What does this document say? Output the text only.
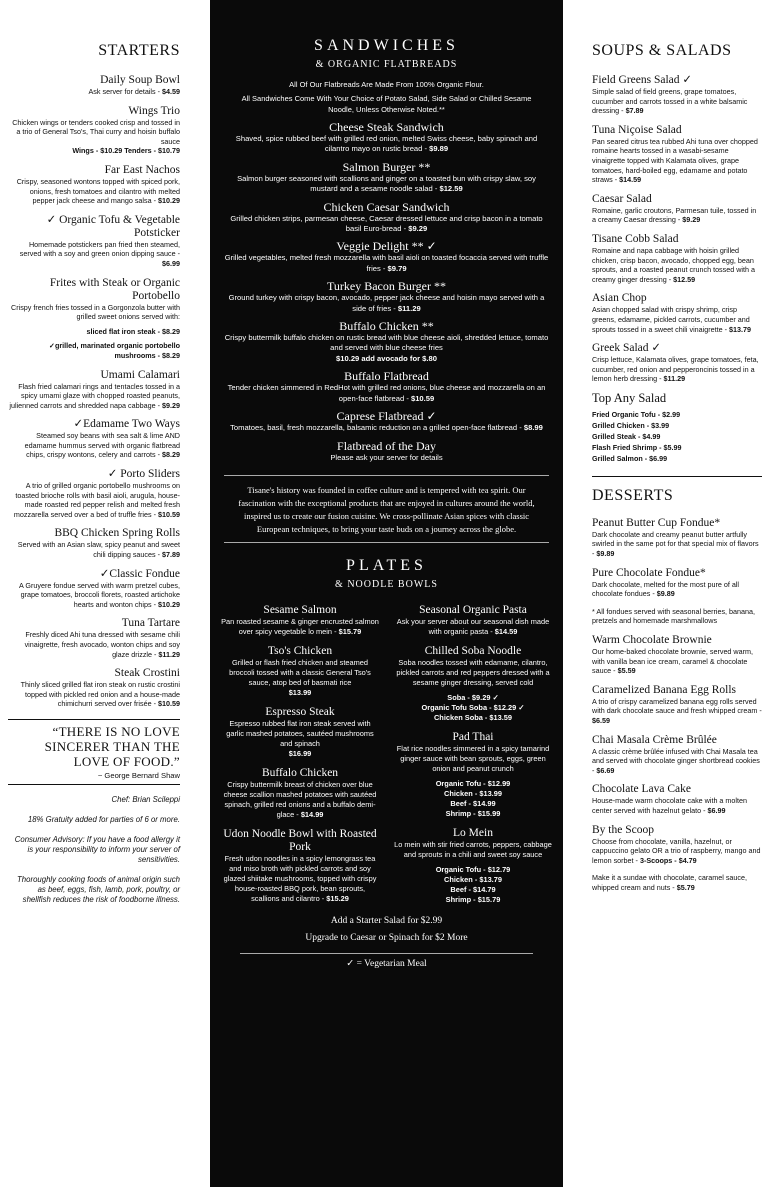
STARTERS
Daily Soup Bowl
Ask server for details - $4.59
Wings Trio
Chicken wings or tenders cooked crisp and tossed in a trio of General Tso's, Thai curry and hoisin buffalo sauce
Wings - $10.29 Tenders - $10.79
Far East Nachos
Crispy, seasoned wontons topped with spiced pork, onions, fresh tomatoes and cilantro with melted pepper jack cheese and mango salsa - $10.29
✓ Organic Tofu & Vegetable Potsticker
Homemade potstickers pan fried then steamed, served with a soy and green onion dipping sauce - $6.99
Frites with Steak or Organic Portobello
Crispy french fries tossed in a Gorgonzola butter with grilled sweet onions served with:
sliced flat iron steak - $8.29
✓grilled, marinated organic portobello mushrooms - $8.29
Umami Calamari
Flash fried calamari rings and tentacles tossed in a spicy umami glaze with chopped roasted peanuts, julienned carrots and shredded napa cabbage - $9.29
✓Edamame Two Ways
Steamed soy beans with sea salt & lime AND edamame hummus served with organic flatbread chips, crispy wontons, celery and carrots - $8.29
✓ Porto Sliders
A trio of grilled organic portobello mushrooms on toasted brioche rolls with basil aioli, arugula, house-made roasted red pepper relish and melted fresh mozzarella served over a bed of truffle fries - $10.59
BBQ Chicken Spring Rolls
Served with an Asian slaw, spicy peanut and sweet chili dipping sauces - $7.89
✓Classic Fondue
A Gruyere fondue served with warm pretzel cubes, grape tomatoes, broccoli florets, roasted artichoke hearts and wonton chips - $10.29
Tuna Tartare
Freshly diced Ahi tuna dressed with sesame chili vinaigrette, fresh avocado, wonton chips and soy glaze drizzle - $11.29
Steak Crostini
Thinly sliced grilled flat iron steak on rustic crostini topped with pickled red onion and a house-made chimichurri served over frisée - $10.59
“THERE IS NO LOVE SINCERER THAN THE LOVE OF FOOD.”
~ George Bernard Shaw
Chef: Brian Scileppi
18% Gratuity added for parties of 6 or more.
Consumer Advisory: If you have a food allergy it is your responsibility to inform your server of sensitivities.
Thoroughly cooking foods of animal origin such as beef, eggs, fish, lamb, pork, poultry, or shellfish reduces the risk of foodborne illness.
SANDWICHES
& ORGANIC FLATBREADS
All Of Our Flatbreads Are Made From 100% Organic Flour.
All Sandwiches Come With Your Choice of Potato Salad, Side Salad or Chilled Sesame Noodle, Unless Otherwise Noted.**
Cheese Steak Sandwich
Shaved, spice rubbed beef with grilled red onion, melted Swiss cheese, baby spinach and cilantro mayo on rustic bread - $9.89
Salmon Burger **
Salmon burger seasoned with scallions and ginger on a toasted bun with crispy slaw, soy mustard and a sesame noodle salad - $12.59
Chicken Caesar Sandwich
Grilled chicken strips, parmesan cheese, Caesar dressed lettuce and crisp bacon in a tomato basil Euro-bread - $9.29
Veggie Delight ** ✓
Grilled vegetables, melted fresh mozzarella with basil aioli on toasted focaccia served with truffle fries - $9.79
Turkey Bacon Burger **
Ground turkey with crispy bacon, avocado, pepper jack cheese and hoisin mayo served with a side of fries - $11.29
Buffalo Chicken **
Crispy buttermilk buffalo chicken on rustic bread with blue cheese aioli, shredded lettuce, tomato and served with blue cheese fries
$10.29 add avocado for $.80
Buffalo Flatbread
Tender chicken simmered in RedHot with grilled red onions, blue cheese and mozzarella on an open-face flatbread - $10.59
Caprese Flatbread ✓
Tomatoes, basil, fresh mozzarella, balsamic reduction on a grilled open-face flatbread - $8.99
Flatbread of the Day
Please ask your server for details
Tisane's history was founded in coffee culture and is tempered with tea spirit. Our fascination with the exceptional products that are enjoyed in cultures around the world, inspired us to create our fusion cuisine. We cross-pollinate Asian spices with classic European techniques, to bring your taste buds on a journey across the globe.
PLATES
& NOODLE BOWLS
Sesame Salmon
Pan roasted sesame & ginger encrusted salmon over spicy vegetable lo mein - $15.79
Tso's Chicken
Grilled or flash fried chicken and steamed broccoli tossed with a classic General Tso's sauce, atop bed of basmati rice
$13.99
Espresso Steak
Espresso rubbed flat iron steak served with garlic mashed potatoes, sautéed mushrooms and spinach
$16.99
Buffalo Chicken
Crispy buttermilk breast of chicken over blue cheese scallion mashed potatoes with sautéed spinach, grilled red onions and a buffalo demi-glace - $14.99
Udon Noodle Bowl with Roasted Pork
Fresh udon noodles in a spicy lemongrass tea and miso broth with pickled carrots and soy glazed shiitake mushrooms, topped with crispy house-roasted BBQ pork, bean sprouts, scallions and cilantro - $15.29
Seasonal Organic Pasta
Ask your server about our seasonal dish made with organic pasta - $14.59
Chilled Soba Noodle
Soba noodles tossed with edamame, cilantro, pickled carrots and red peppers dressed with a sesame ginger dressing, served cold
Soba - $9.29 ✓
Organic Tofu Soba - $12.29 ✓
Chicken Soba - $13.59
Pad Thai
Flat rice noodles simmered in a spicy tamarind ginger sauce with bean sprouts, eggs, green onion and peanut crunch
Organic Tofu - $12.99
Chicken - $13.99
Beef - $14.99
Shrimp - $15.99
Lo Mein
Lo mein with stir fried carrots, peppers, cabbage and sprouts in a chili and sweet soy sauce
Organic Tofu - $12.79
Chicken - $13.79
Beef - $14.79
Shrimp - $15.79
Add a Starter Salad for $2.99
Upgrade to Caesar or Spinach for $2 More
✓ = Vegetarian Meal
SOUPS & SALADS
Field Greens Salad ✓
Simple salad of field greens, grape tomatoes, cucumber and carrots tossed in a white balsamic dressing - $7.89
Tuna Niçoise Salad
Pan seared citrus tea rubbed Ahi tuna over chopped romaine hearts tossed in a wasabi-sesame vinaigrette topped with Kalamata olives, grape tomatoes, hard-boiled egg, edamame and potato straws - $14.59
Caesar Salad
Romaine, garlic croutons, Parmesan tuile, tossed in a creamy Caesar dressing - $9.29
Tisane Cobb Salad
Romaine and napa cabbage with hoisin grilled chicken, crisp bacon, avocado, chopped egg, bean sprouts, and a roasted peanut crunch tossed with a creamy ginger dressing - $12.59
Asian Chop
Asian chopped salad with crispy shrimp, crisp greens, edamame, pickled carrots, cucumber and sprouts tossed in a sweet chili vinaigrette - $13.79
Greek Salad ✓
Crisp lettuce, Kalamata olives, grape tomatoes, feta, cucumber, red onion and pepperoncinis tossed in a lemon herb dressing - $11.29
Top Any Salad
Fried Organic Tofu - $2.99
Grilled Chicken - $3.99
Grilled Steak - $4.99
Flash Fried Shrimp - $5.99
Grilled Salmon - $6.99
DESSERTS
Peanut Butter Cup Fondue*
Dark chocolate and creamy peanut butter artfully swirled in the same pot for that special mix of flavors - $9.89
Pure Chocolate Fondue*
Dark chocolate, melted for the most pure of all chocolate fondues - $9.89
* All fondues served with seasonal berries, banana, pretzels and homemade marshmallows
Warm Chocolate Brownie
Our home-baked chocolate brownie, served warm, with vanilla bean ice cream, caramel & chocolate sauce - $5.59
Caramelized Banana Egg Rolls
A trio of crispy caramelized banana egg rolls served with dark chocolate sauce and fresh whipped cream - $6.59
Chai Masala Crème Brûlée
A classic crème brûlée infused with Chai Masala tea and served with chocolate ginger shortbread cookies - $6.69
Chocolate Lava Cake
House-made warm chocolate cake with a molten center served with hazelnut gelato - $6.99
By the Scoop
Choose from chocolate, vanilla, hazelnut, or cappuccino gelato OR a trio of raspberry, mango and lemon sorbet - 3-Scoops - $4.79
Make it a sundae with chocolate, caramel sauce, whipped cream and nuts - $5.79
